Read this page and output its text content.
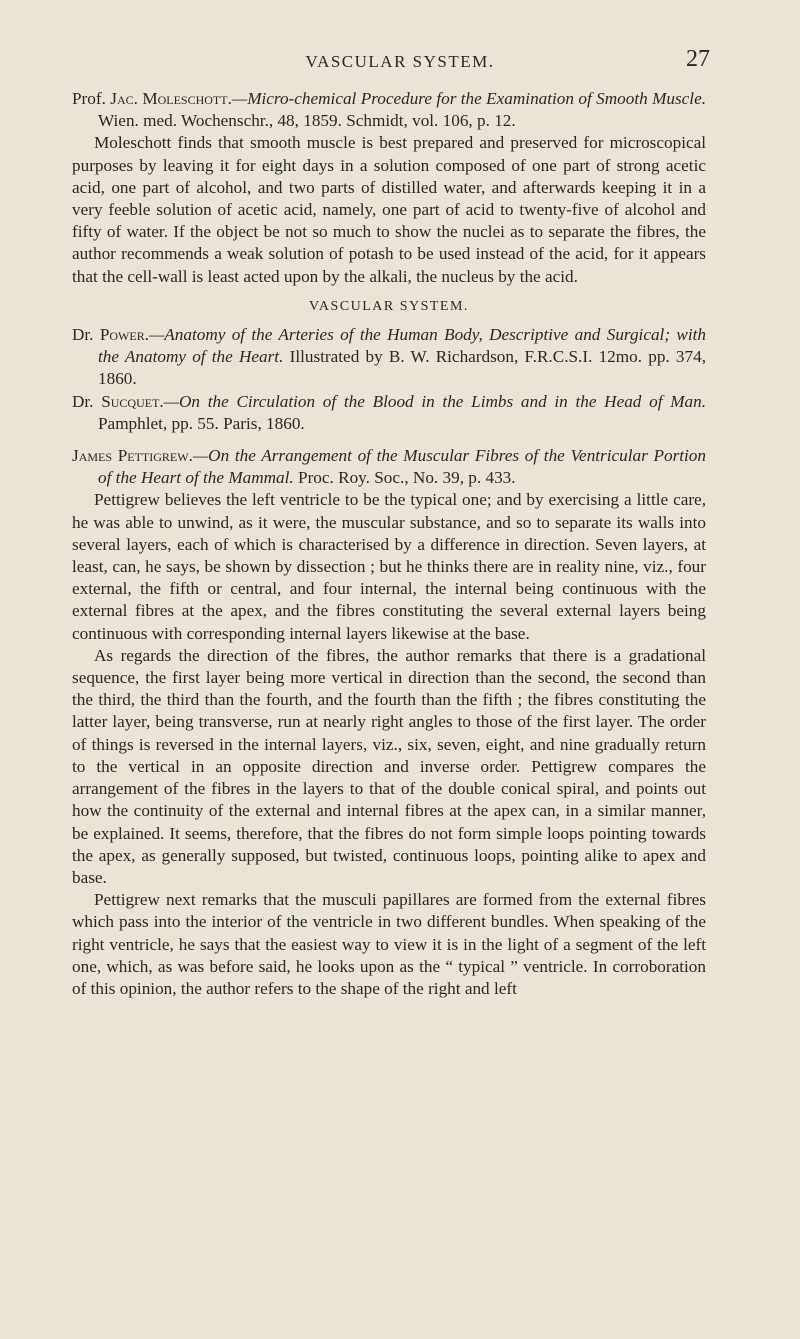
VASCULAR SYSTEM.	27

Prof. Jac. Moleschott.—Micro-chemical Procedure for the Examination of Smooth Muscle. Wien. med. Wochenschr., 48, 1859. Schmidt, vol. 106, p. 12.

Moleschott finds that smooth muscle is best prepared and preserved for microscopical purposes by leaving it for eight days in a solution composed of one part of strong acetic acid, one part of alcohol, and two parts of distilled water, and afterwards keeping it in a very feeble solution of acetic acid, namely, one part of acid to twenty-five of alcohol and fifty of water. If the object be not so much to show the nuclei as to separate the fibres, the author recommends a weak solution of potash to be used instead of the acid, for it appears that the cell-wall is least acted upon by the alkali, the nucleus by the acid.

VASCULAR SYSTEM.

Dr. Power.—Anatomy of the Arteries of the Human Body, Descriptive and Surgical; with the Anatomy of the Heart. Illustrated by B. W. Richardson, F.R.C.S.I. 12mo. pp. 374, 1860.

Dr. Sucquet.—On the Circulation of the Blood in the Limbs and in the Head of Man. Pamphlet, pp. 55. Paris, 1860.

James Pettigrew.—On the Arrangement of the Muscular Fibres of the Ventricular Portion of the Heart of the Mammal. Proc. Roy. Soc., No. 39, p. 433.

Pettigrew believes the left ventricle to be the typical one; and by exercising a little care, he was able to unwind, as it were, the muscular substance, and so to separate its walls into several layers, each of which is characterised by a difference in direction. Seven layers, at least, can, he says, be shown by dissection ; but he thinks there are in reality nine, viz., four external, the fifth or central, and four internal, the internal being continuous with the external fibres at the apex, and the fibres constituting the several external layers being continuous with corresponding internal layers likewise at the base.

As regards the direction of the fibres, the author remarks that there is a gradational sequence, the first layer being more vertical in direction than the second, the second than the third, the third than the fourth, and the fourth than the fifth ; the fibres constituting the latter layer, being transverse, run at nearly right angles to those of the first layer. The order of things is reversed in the internal layers, viz., six, seven, eight, and nine gradually return to the vertical in an opposite direction and inverse order. Pettigrew compares the arrangement of the fibres in the layers to that of the double conical spiral, and points out how the continuity of the external and internal fibres at the apex can, in a similar manner, be explained. It seems, therefore, that the fibres do not form simple loops pointing towards the apex, as generally supposed, but twisted, continuous loops, pointing alike to apex and base.

Pettigrew next remarks that the musculi papillares are formed from the external fibres which pass into the interior of the ventricle in two different bundles. When speaking of the right ventricle, he says that the easiest way to view it is in the light of a segment of the left one, which, as was before said, he looks upon as the “ typical ” ventricle. In corroboration of this opinion, the author refers to the shape of the right and left
